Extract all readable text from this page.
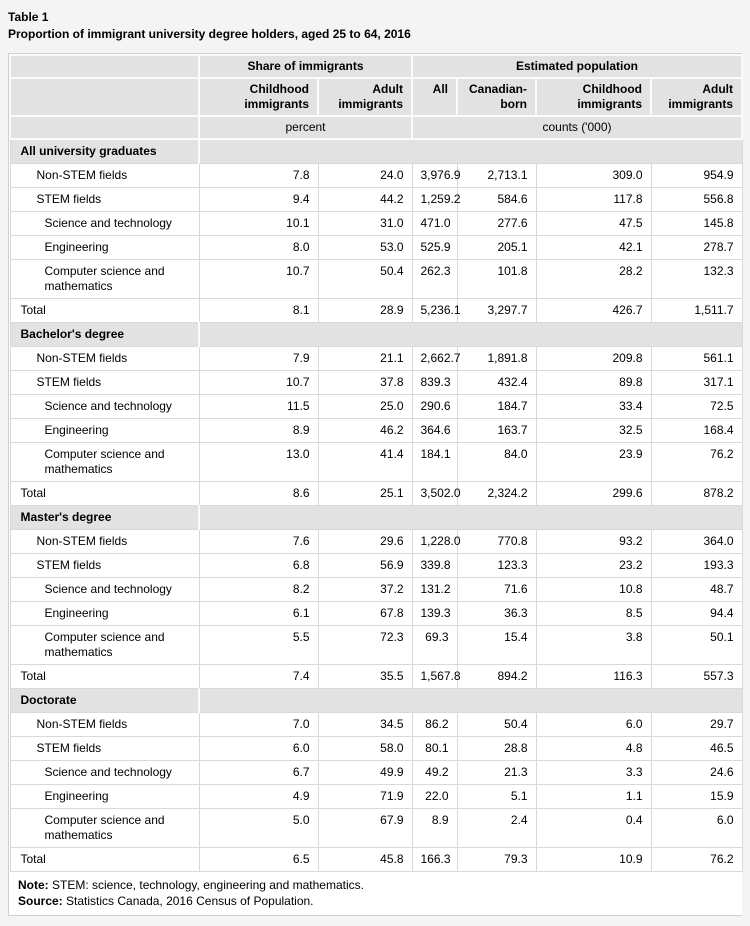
Table 1
Proportion of immigrant university degree holders, aged 25 to 64, 2016
	Share of immigrants		Estimated population			
	Childhood immigrants	Adult immigrants	All	Canadian-born	Childhood immigrants	Adult immigrants
	percent		counts ('000)			
All university graduates						
Non-STEM fields	7.8	24.0	3,976.9	2,713.1	309.0	954.9
STEM fields	9.4	44.2	1,259.2	584.6	117.8	556.8
Science and technology	10.1	31.0	471.0	277.6	47.5	145.8
Engineering	8.0	53.0	525.9	205.1	42.1	278.7
Computer science and mathematics	10.7	50.4	262.3	101.8	28.2	132.3
Total	8.1	28.9	5,236.1	3,297.7	426.7	1,511.7
Bachelor's degree						
Non-STEM fields	7.9	21.1	2,662.7	1,891.8	209.8	561.1
STEM fields	10.7	37.8	839.3	432.4	89.8	317.1
Science and technology	11.5	25.0	290.6	184.7	33.4	72.5
Engineering	8.9	46.2	364.6	163.7	32.5	168.4
Computer science and mathematics	13.0	41.4	184.1	84.0	23.9	76.2
Total	8.6	25.1	3,502.0	2,324.2	299.6	878.2
Master's degree						
Non-STEM fields	7.6	29.6	1,228.0	770.8	93.2	364.0
STEM fields	6.8	56.9	339.8	123.3	23.2	193.3
Science and technology	8.2	37.2	131.2	71.6	10.8	48.7
Engineering	6.1	67.8	139.3	36.3	8.5	94.4
Computer science and mathematics	5.5	72.3	69.3	15.4	3.8	50.1
Total	7.4	35.5	1,567.8	894.2	116.3	557.3
Doctorate						
Non-STEM fields	7.0	34.5	86.2	50.4	6.0	29.7
STEM fields	6.0	58.0	80.1	28.8	4.8	46.5
Science and technology	6.7	49.9	49.2	21.3	3.3	24.6
Engineering	4.9	71.9	22.0	5.1	1.1	15.9
Computer science and mathematics	5.0	67.9	8.9	2.4	0.4	6.0
Total	6.5	45.8	166.3	79.3	10.9	76.2

Note: STEM: science, technology, engineering and mathematics.
Source: Statistics Canada, 2016 Census of Population.						
